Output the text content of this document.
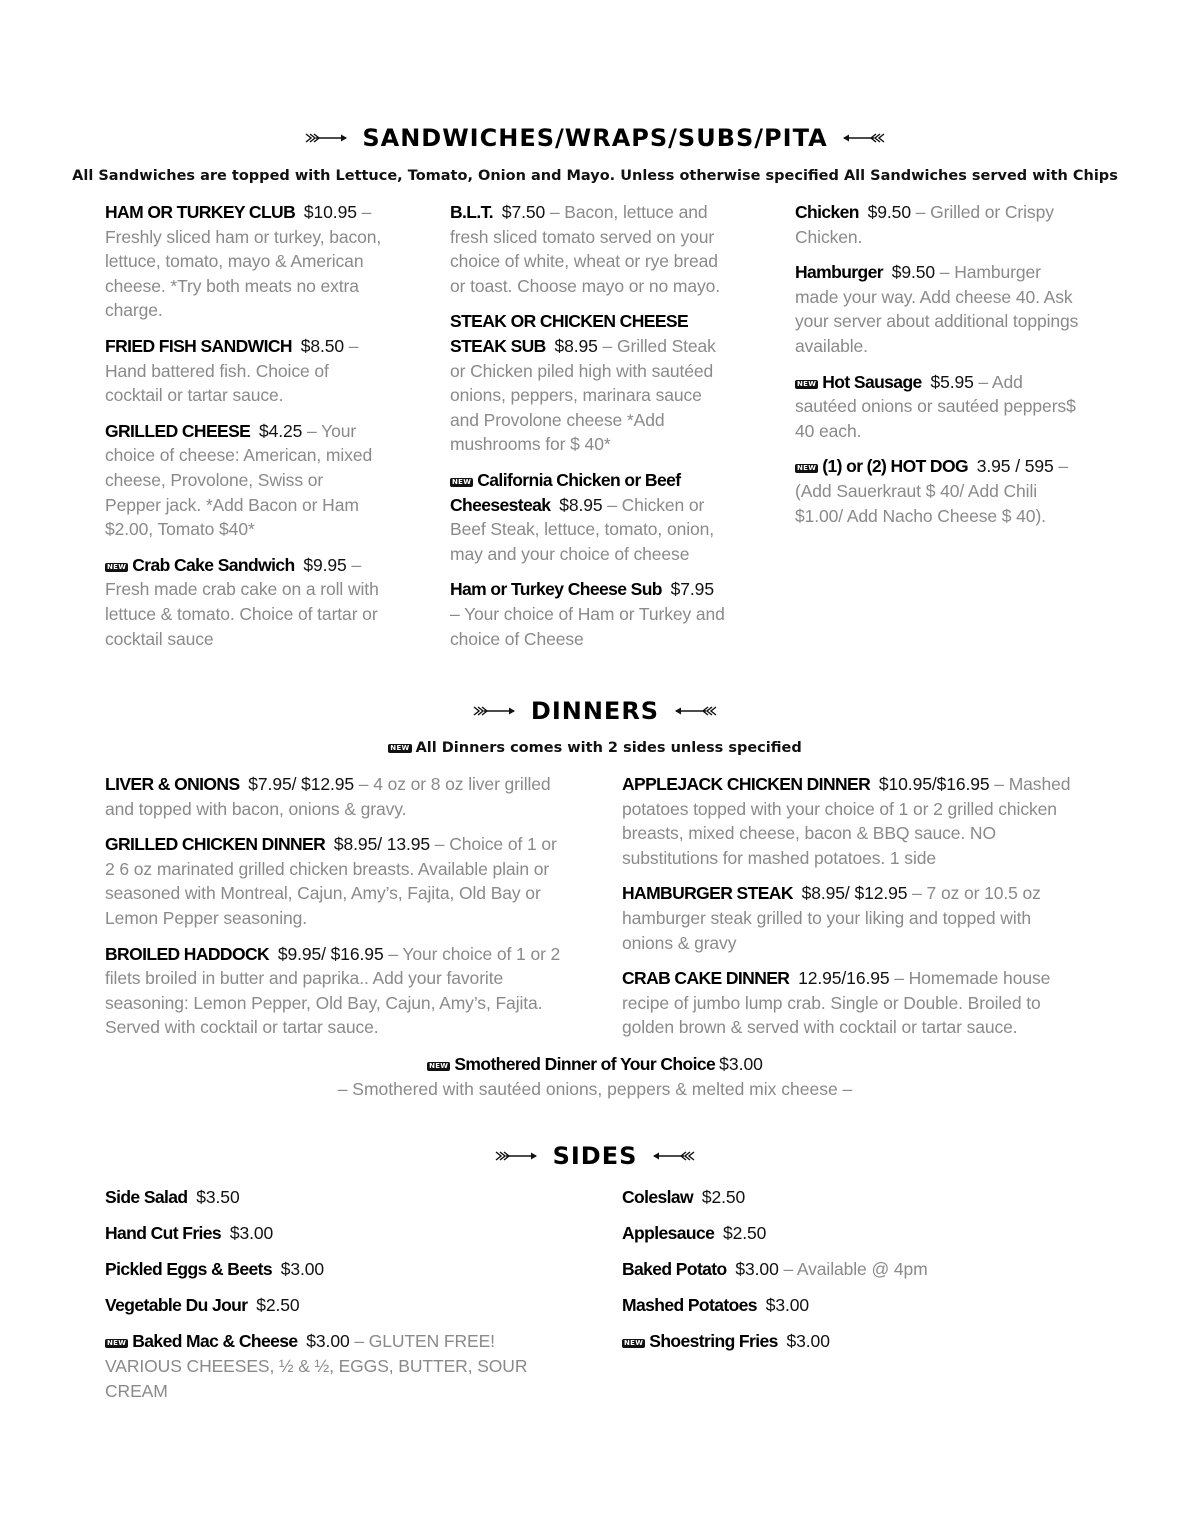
SANDWICHES/WRAPS/SUBS/PITA
All Sandwiches are topped with Lettuce, Tomato, Onion and Mayo. Unless otherwise specified All Sandwiches served with Chips
HAM OR TURKEY CLUB $10.95 – Freshly sliced ham or turkey, bacon, lettuce, tomato, mayo & American cheese. *Try both meats no extra charge.
FRIED FISH SANDWICH $8.50 – Hand battered fish. Choice of cocktail or tartar sauce.
GRILLED CHEESE $4.25 – Your choice of cheese: American, mixed cheese, Provolone, Swiss or Pepper jack. *Add Bacon or Ham $2.00, Tomato $40*
NEW Crab Cake Sandwich $9.95 – Fresh made crab cake on a roll with lettuce & tomato. Choice of tartar or cocktail sauce
B.L.T. $7.50 – Bacon, lettuce and fresh sliced tomato served on your choice of white, wheat or rye bread or toast. Choose mayo or no mayo.
STEAK OR CHICKEN CHEESE STEAK SUB $8.95 – Grilled Steak or Chicken piled high with sautéed onions, peppers, marinara sauce and Provolone cheese *Add mushrooms for $ 40*
NEW California Chicken or Beef Cheesesteak $8.95 – Chicken or Beef Steak, lettuce, tomato, onion, may and your choice of cheese
Ham or Turkey Cheese Sub $7.95 – Your choice of Ham or Turkey and choice of Cheese
Chicken $9.50 – Grilled or Crispy Chicken.
Hamburger $9.50 – Hamburger made your way. Add cheese 40. Ask your server about additional toppings available.
NEW Hot Sausage $5.95 – Add sautéed onions or sautéed peppers$ 40 each.
NEW (1) or (2) HOT DOG 3.95 / 595 – (Add Sauerkraut $ 40/ Add Chili $1.00/ Add Nacho Cheese $ 40).
DINNERS
NEW All Dinners comes with 2 sides unless specified
LIVER & ONIONS $7.95/ $12.95 – 4 oz or 8 oz liver grilled and topped with bacon, onions & gravy.
GRILLED CHICKEN DINNER $8.95/ 13.95 – Choice of 1 or 2 6 oz marinated grilled chicken breasts. Available plain or seasoned with Montreal, Cajun, Amy’s, Fajita, Old Bay or Lemon Pepper seasoning.
BROILED HADDOCK $9.95/ $16.95 – Your choice of 1 or 2 filets broiled in butter and paprika.. Add your favorite seasoning: Lemon Pepper, Old Bay, Cajun, Amy’s, Fajita. Served with cocktail or tartar sauce.
APPLEJACK CHICKEN DINNER $10.95/$16.95 – Mashed potatoes topped with your choice of 1 or 2 grilled chicken breasts, mixed cheese, bacon & BBQ sauce. NO substitutions for mashed potatoes. 1 side
HAMBURGER STEAK $8.95/ $12.95 – 7 oz or 10.5 oz hamburger steak grilled to your liking and topped with onions & gravy
CRAB CAKE DINNER 12.95/16.95 – Homemade house recipe of jumbo lump crab. Single or Double. Broiled to golden brown & served with cocktail or tartar sauce.
NEW Smothered Dinner of Your Choice $3.00
– Smothered with sautéed onions, peppers & melted mix cheese –
SIDES
Side Salad $3.50
Hand Cut Fries $3.00
Pickled Eggs & Beets $3.00
Vegetable Du Jour $2.50
NEW Baked Mac & Cheese $3.00 – GLUTEN FREE! VARIOUS CHEESES, ½ & ½, EGGS, BUTTER, SOUR CREAM
Coleslaw $2.50
Applesauce $2.50
Baked Potato $3.00 – Available @ 4pm
Mashed Potatoes $3.00
NEW Shoestring Fries $3.00
